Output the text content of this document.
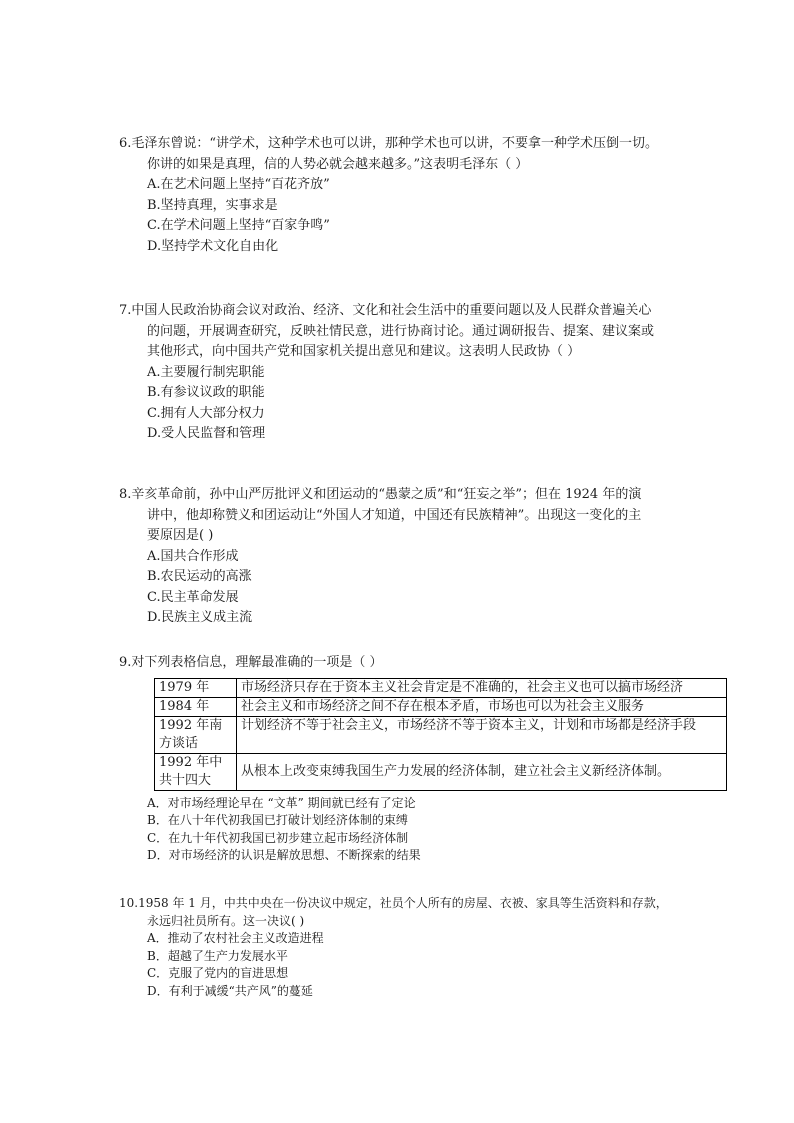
6.毛泽东曾说：“讲学术，这种学术也可以讲，那种学术也可以讲，不要拿一种学术压倒一切。
你讲的如果是真理，信的人势必就会越来越多。”这表明毛泽东（ ）

A.在艺术问题上坚持“百花齐放”
B.坚持真理，实事求是
C.在学术问题上坚持“百家争鸣”
D.坚持学术文化自由化

7.中国人民政治协商会议对政治、经济、文化和社会生活中的重要问题以及人民群众普遍关心
的问题，开展调查研究，反映社情民意，进行协商讨论。通过调研报告、提案、建议案或
其他形式，向中国共产党和国家机关提出意见和建议。这表明人民政协（ ）

A.主要履行制宪职能
B.有参议议政的职能
C.拥有人大部分权力
D.受人民监督和管理

8.辛亥革命前，孙中山严厉批评义和团运动的“愚蒙之质”和“狂妄之举”；但在 1924 年的演
讲中，他却称赞义和团运动让“外国人才知道，中国还有民族精神”。出现这一变化的主
要原因是( )

A.国共合作形成
B.农民运动的高涨
C.民主革命发展
D.民族主义成主流

9.对下列表格信息，理解最准确的一项是（ ）

1979 年	市场经济只存在于资本主义社会肯定是不准确的，社会主义也可以搞市场经济
1984 年	社会主义和市场经济之间不存在根本矛盾，市场也可以为社会主义服务
1992 年南方谈话	计划经济不等于社会主义，市场经济不等于资本主义，计划和市场都是经济手段
1992 年中共十四大	从根本上改变束缚我国生产力发展的经济体制，建立社会主义新经济体制。
A．对市场经理论早在 “文革” 期间就已经有了定论
B．在八十年代初我国已打破计划经济体制的束缚
C．在九十年代初我国已初步建立起市场经济体制
D．对市场经济的认识是解放思想、不断探索的结果

10.1958 年 1 月，中共中央在一份决议中规定，社员个人所有的房屋、衣被、家具等生活资料和存款，
永远归社员所有。这一决议( )

A．推动了农村社会主义改造进程
B．超越了生产力发展水平
C．克服了党内的盲进思想
D．有利于减缓“共产风”的蔓延
